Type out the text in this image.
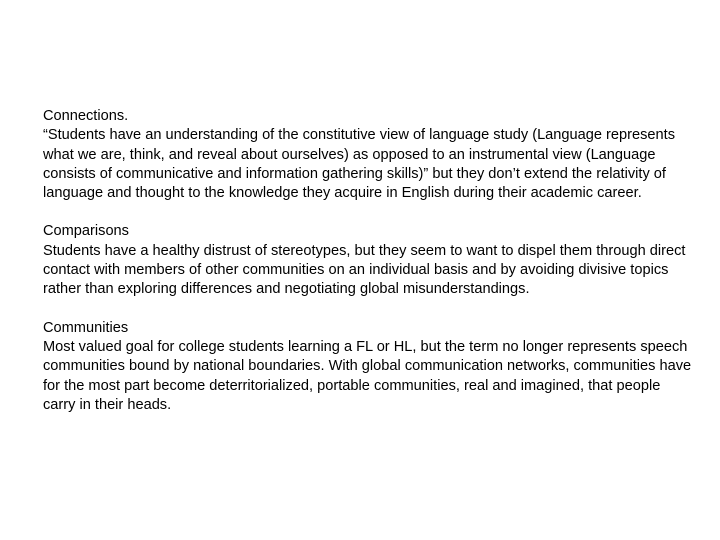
Connections.
“Students have an understanding of the constitutive view of language study (Language represents what we are, think, and reveal about ourselves) as opposed to an instrumental view (Language consists of communicative and information gathering skills)” but they don’t extend the relativity of language and thought to the knowledge they acquire in English during their academic career.
Comparisons
Students have a healthy distrust of stereotypes, but they seem to want to dispel them through direct contact with members of other communities on an individual basis and by avoiding divisive topics rather than exploring differences and negotiating global misunderstandings.
Communities
Most valued goal for college students learning a FL or HL, but the term no longer represents speech communities bound by national boundaries. With global communication networks, communities have for the most part become deterritorialized, portable communities, real and imagined, that people carry in their heads.
